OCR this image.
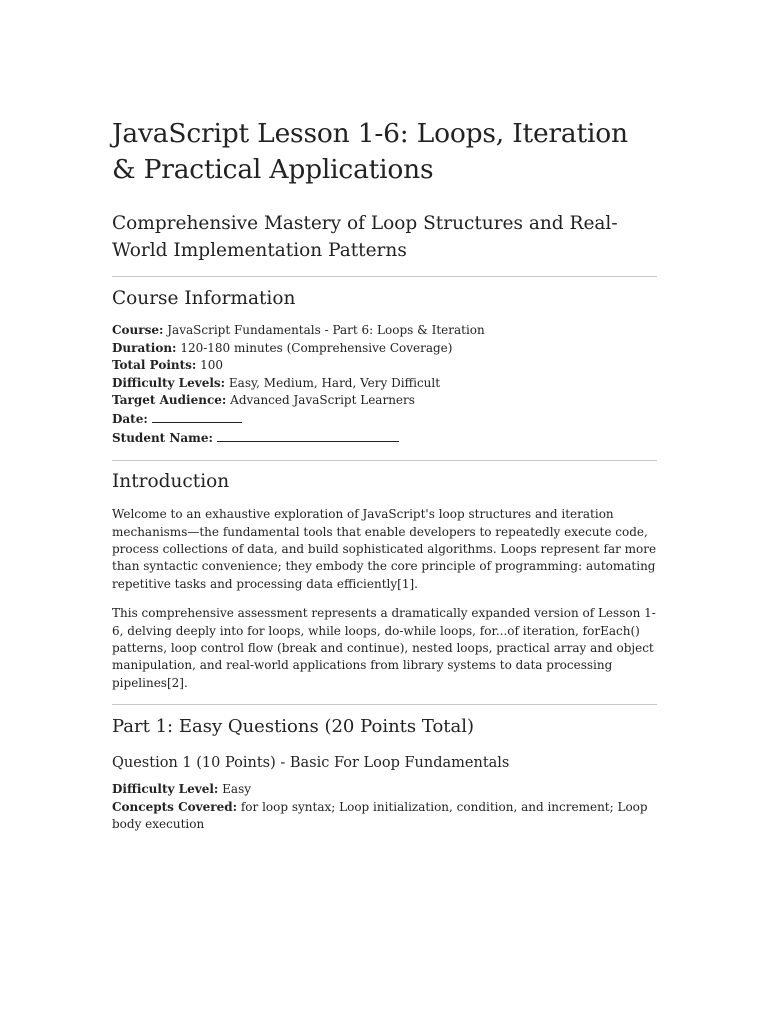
JavaScript Lesson 1-6: Loops, Iteration & Practical Applications
Comprehensive Mastery of Loop Structures and Real-World Implementation Patterns
Course Information
Course: JavaScript Fundamentals - Part 6: Loops & Iteration
Duration: 120-180 minutes (Comprehensive Coverage)
Total Points: 100
Difficulty Levels: Easy, Medium, Hard, Very Difficult
Target Audience: Advanced JavaScript Learners
Date:
Student Name:
Introduction

Welcome to an exhaustive exploration of JavaScript's loop structures and iteration mechanisms—the fundamental tools that enable developers to repeatedly execute code, process collections of data, and build sophisticated algorithms. Loops represent far more than syntactic convenience; they embody the core principle of programming: automating repetitive tasks and processing data efficiently[1].

This comprehensive assessment represents a dramatically expanded version of Lesson 1-6, delving deeply into for loops, while loops, do-while loops, for...of iteration, forEach() patterns, loop control flow (break and continue), nested loops, practical array and object manipulation, and real-world applications from library systems to data processing pipelines[2].

Part 1: Easy Questions (20 Points Total)
Question 1 (10 Points) - Basic For Loop Fundamentals
Difficulty Level: Easy
Concepts Covered: for loop syntax; Loop initialization, condition, and increment; Loop body execution
